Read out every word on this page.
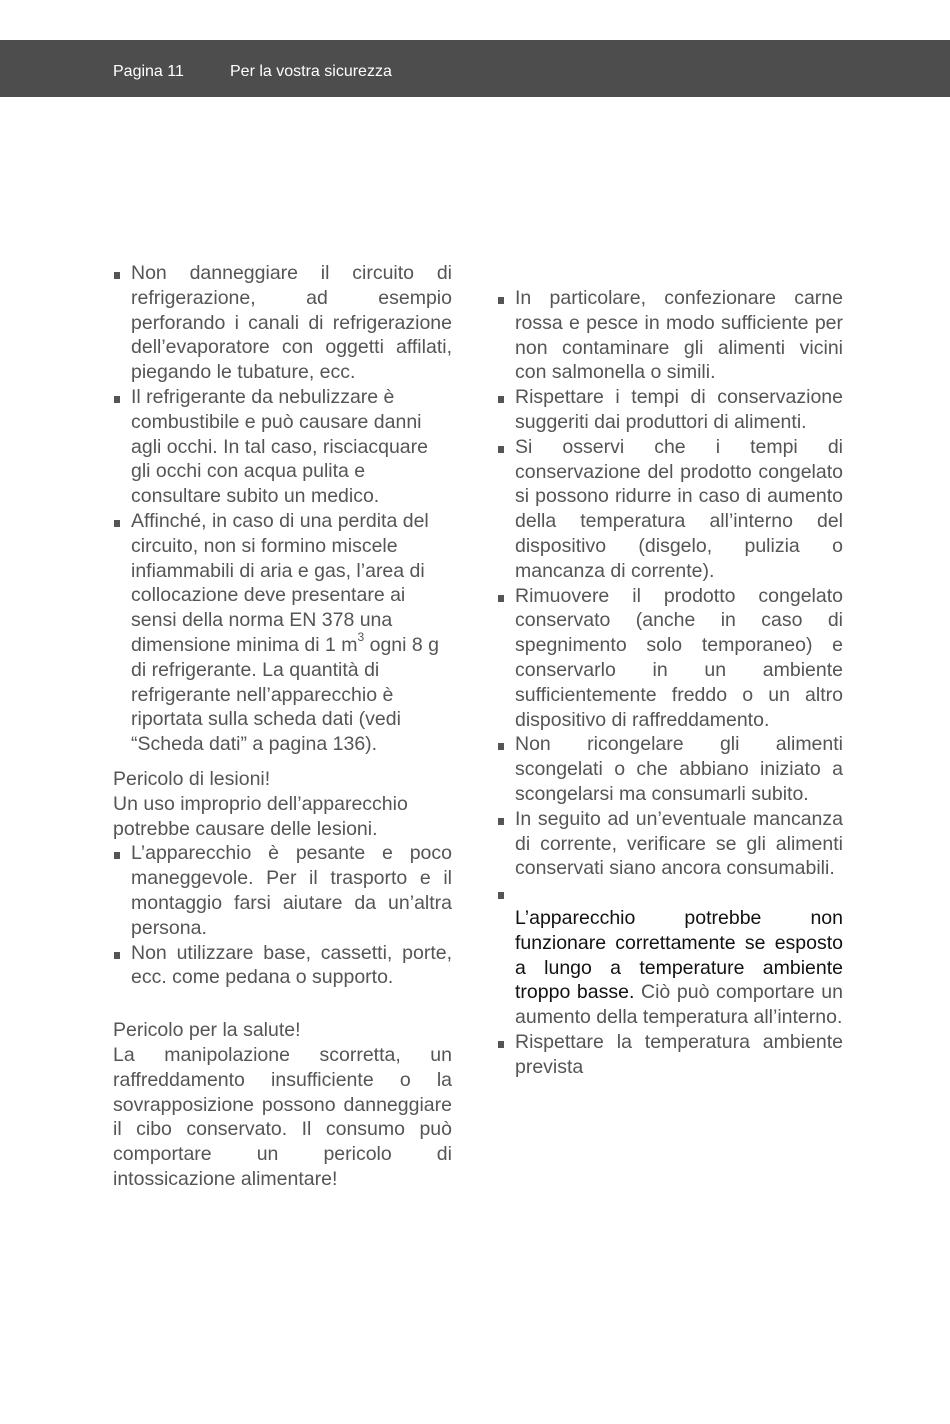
Pagina 11	Per la vostra sicurezza
Non danneggiare il circuito di refrigerazione, ad esempio perforando i canali di refrigerazione dell’evaporatore con oggetti affilati, piegando le tubature, ecc.
Il refrigerante da nebulizzare è combustibile e può causare danni agli occhi. In tal caso, risciacquare gli occhi con acqua pulita e consultare subito un medico.
Affinché, in caso di una perdita del circuito, non si formino miscele infiammabili di aria e gas, l’area di collocazione deve presentare ai sensi della norma EN 378 una dimensione minima di 1 $m^3$ ogni 8 g di refrigerante. La quantità di refrigerante nell’apparecchio è riportata sulla scheda dati (vedi “Scheda dati” a pagina 136).
Pericolo di lesioni!
Un uso improprio dell’apparecchio potrebbe causare delle lesioni.
L’apparecchio è pesante e poco maneggevole. Per il trasporto e il montaggio farsi aiutare da un’altra persona.
Non utilizzare base, cassetti, porte, ecc. come pedana o supporto.
Pericolo per la salute!

La manipolazione scorretta, un raffreddamento insufficiente o la sovrapposizione possono danneggiare il cibo conservato. Il consumo può comportare un pericolo di intossicazione alimentare!

In particolare, confezionare carne rossa e pesce in modo sufficiente per non contaminare gli alimenti vicini con salmonella o simili.
Rispettare i tempi di conservazione suggeriti dai produttori di alimenti.
Si osservi che i tempi di conservazione del prodotto congelato si possono ridurre in caso di aumento della temperatura all’interno del dispositivo (disgelo, pulizia o mancanza di corrente).
Rimuovere il prodotto congelato conservato (anche in caso di spegnimento solo temporaneo) e conservarlo in un ambiente sufficientemente freddo o un altro dispositivo di raffreddamento.
Non ricongelare gli alimenti scongelati o che abbiano iniziato a scongelarsi ma consumarli subito.
In seguito ad un’eventuale mancanza di corrente, verificare se gli alimenti conservati siano ancora consumabili.
L’apparecchio potrebbe non funzionare correttamente se esposto a lungo a temperature ambiente troppo basse. Ciò può comportare un aumento della temperatura all’interno.
Rispettare la temperatura ambiente prevista
